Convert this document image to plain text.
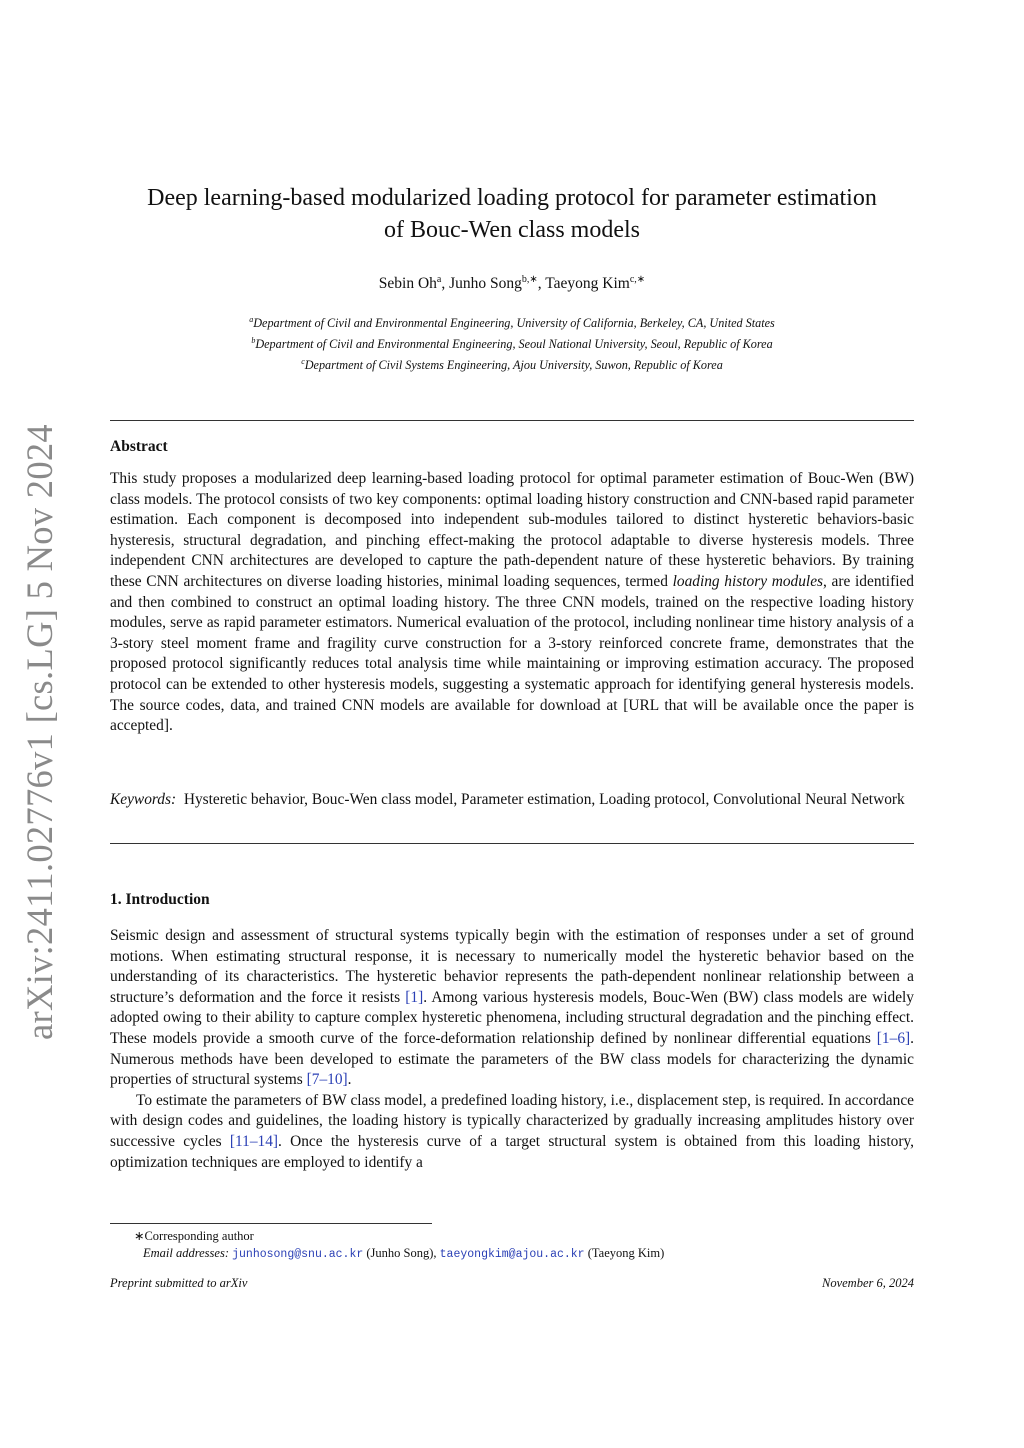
arXiv:2411.02776v1 [cs.LG] 5 Nov 2024
Deep learning-based modularized loading protocol for parameter estimation
of Bouc-Wen class models
Sebin Oh$^a$, Junho Song$^{b,∗}$, Taeyong Kim$^{c,∗}$
$^a$Department of Civil and Environmental Engineering, University of California, Berkeley, CA, United States
$^b$Department of Civil and Environmental Engineering, Seoul National University, Seoul, Republic of Korea
$^c$Department of Civil Systems Engineering, Ajou University, Suwon, Republic of Korea
Abstract
This study proposes a modularized deep learning-based loading protocol for optimal parameter estimation of Bouc-Wen (BW) class models. The protocol consists of two key components: optimal loading history construction and CNN-based rapid parameter estimation. Each component is decomposed into independent sub-modules tailored to distinct hysteretic behaviors-basic hysteresis, structural degradation, and pinching effect-making the protocol adaptable to diverse hysteresis models. Three independent CNN architectures are developed to capture the path-dependent nature of these hysteretic behaviors. By training these CNN architectures on diverse loading histories, minimal loading sequences, termed loading history modules, are identified and then combined to construct an optimal loading history. The three CNN models, trained on the respective loading history modules, serve as rapid parameter estimators. Numerical evaluation of the protocol, including nonlinear time history analysis of a 3-story steel moment frame and fragility curve construction for a 3-story reinforced concrete frame, demonstrates that the proposed protocol significantly reduces total analysis time while maintaining or improving estimation accuracy. The proposed protocol can be extended to other hysteresis models, suggesting a systematic approach for identifying general hysteresis models. The source codes, data, and trained CNN models are available for download at [URL that will be available once the paper is accepted].
Keywords: Hysteretic behavior, Bouc-Wen class model, Parameter estimation, Loading protocol, Convolutional Neural Network
1. Introduction

Seismic design and assessment of structural systems typically begin with the estimation of responses under a set of ground motions. When estimating structural response, it is necessary to numerically model the hysteretic behavior based on the understanding of its characteristics. The hysteretic behavior represents the path-dependent nonlinear relationship between a structure’s deformation and the force it resists [1]. Among various hysteresis models, Bouc-Wen (BW) class models are widely adopted owing to their ability to capture complex hysteretic phenomena, including structural degradation and the pinching effect. These models provide a smooth curve of the force-deformation relationship defined by nonlinear differential equations [1–6]. Numerous methods have been developed to estimate the parameters of the BW class models for characterizing the dynamic properties of structural systems [7–10].

To estimate the parameters of BW class model, a predefined loading history, i.e., displacement step, is required. In accordance with design codes and guidelines, the loading history is typically characterized by gradually increasing amplitudes history over successive cycles [11–14]. Once the hysteresis curve of a target structural system is obtained from this loading history, optimization techniques are employed to identify a

∗Corresponding author
Email addresses: junhosong@snu.ac.kr (Junho Song), taeyongkim@ajou.ac.kr (Taeyong Kim)
Preprint submitted to arXiv	November 6, 2024
